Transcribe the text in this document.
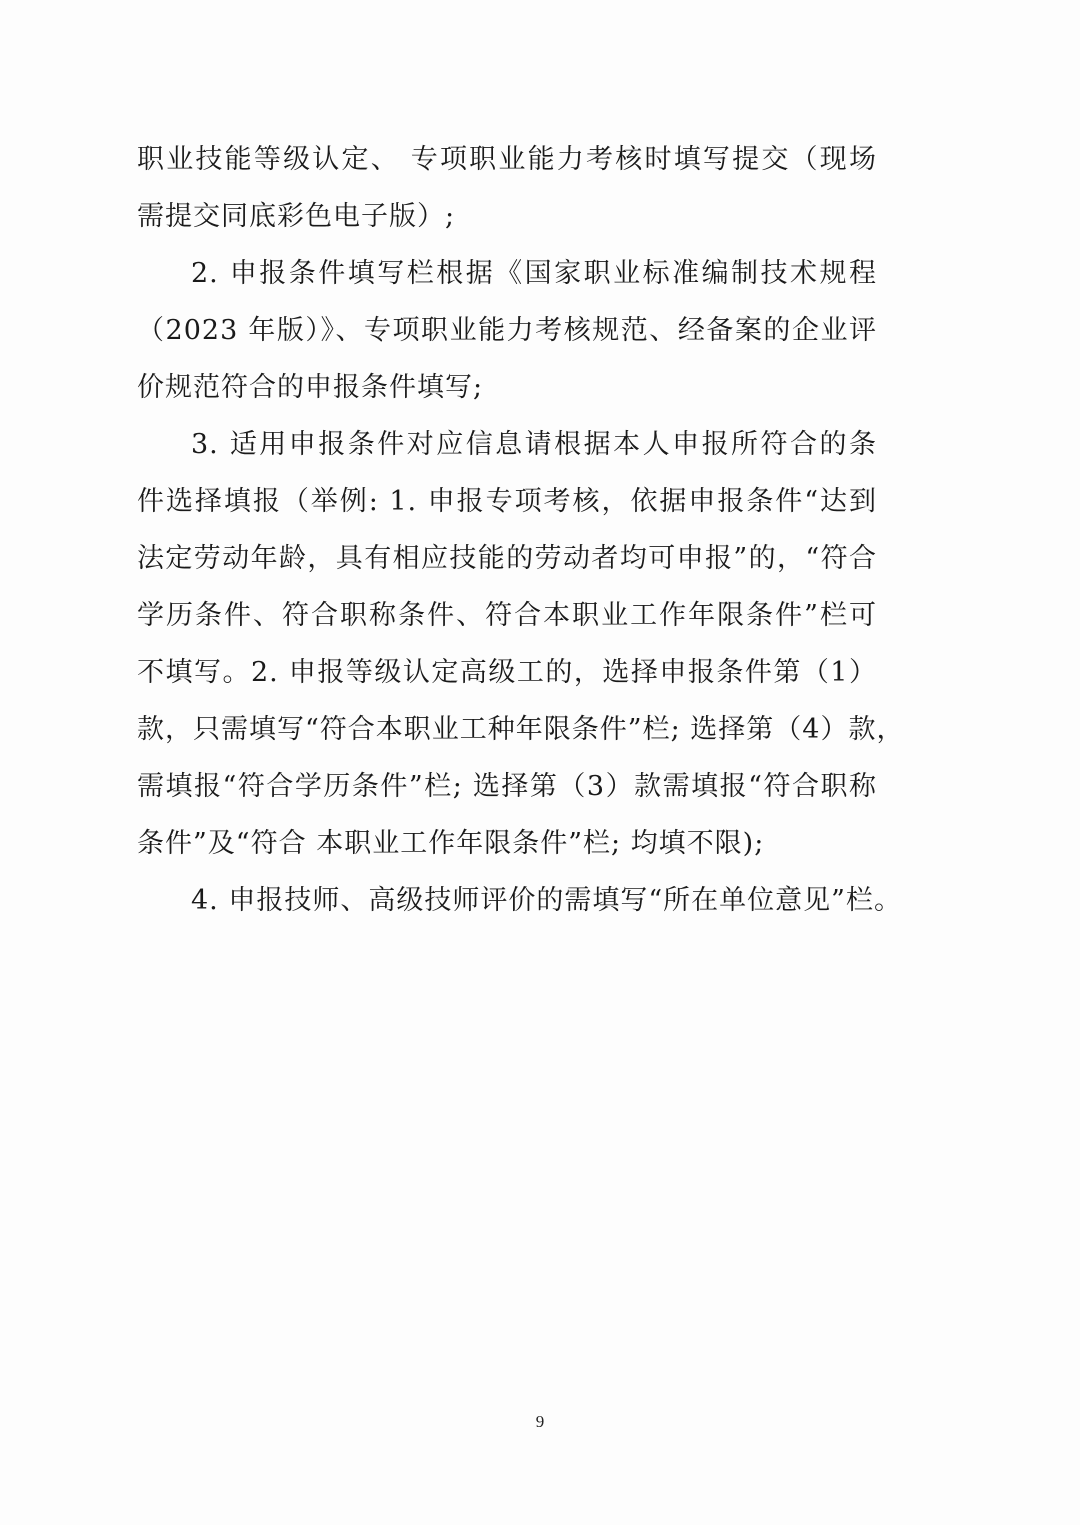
职业技能等级认定、 专项职业能力考核时填写提交（现场
需提交同底彩色电子版）;
2. 申报条件填写栏根据《国家职业标准编制技术规程
（2023 年版）》、专项职业能力考核规范、经备案的企业评
价规范符合的申报条件填写;
3. 适用申报条件对应信息请根据本人申报所符合的条
件选择填报（举例: 1. 申报专项考核，依据申报条件“达到
法定劳动年龄，具有相应技能的劳动者均可申报”的，“符合
学历条件、符合职称条件、符合本职业工作年限条件”栏可
不填写。2. 申报等级认定高级工的，选择申报条件第（1）
款，只需填写“符合本职业工种年限条件”栏; 选择第（4）款，
需填报“符合学历条件”栏; 选择第（3）款需填报“符合职称
条件”及“符合 本职业工作年限条件”栏; 均填不限);
4. 申报技师、高级技师评价的需填写“所在单位意见”栏。
9
